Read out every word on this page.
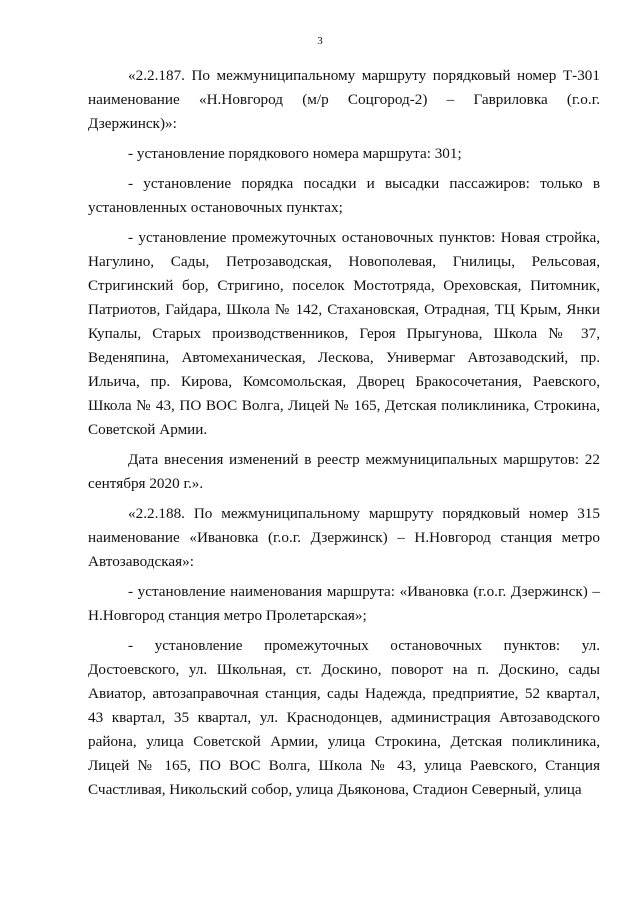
3

«2.2.187. По межмуниципальному маршруту порядковый номер Т-301 наименование «Н.Новгород (м/р Соцгород-2) – Гавриловка (г.о.г. Дзержинск)»:

- установление порядкового номера маршрута: 301;

- установление порядка посадки и высадки пассажиров: только в установленных остановочных пунктах;

- установление промежуточных остановочных пунктов: Новая стройка, Нагулино, Сады, Петрозаводская, Новополевая, Гнилицы, Рельсовая, Стригинский бор, Стригино, поселок Мостотряда, Ореховская, Питомник, Патриотов, Гайдара, Школа № 142, Стахановская, Отрадная, ТЦ Крым, Янки Купалы, Старых производственников, Героя Прыгунова, Школа № 37, Веденяпина, Автомеханическая, Лескова, Универмаг Автозаводский, пр. Ильича, пр. Кирова, Комсомольская, Дворец Бракосочетания, Раевского, Школа № 43, ПО ВОС Волга, Лицей № 165, Детская поликлиника, Строкина, Советской Армии.

Дата внесения изменений в реестр межмуниципальных маршрутов: 22 сентября 2020 г.».

«2.2.188. По межмуниципальному маршруту порядковый номер 315 наименование «Ивановка (г.о.г. Дзержинск) – Н.Новгород станция метро Автозаводская»:

- установление наименования маршрута: «Ивановка (г.о.г. Дзержинск) – Н.Новгород станция метро Пролетарская»;

- установление промежуточных остановочных пунктов: ул. Достоевского, ул. Школьная, ст. Доскино, поворот на п. Доскино, сады Авиатор, автозаправочная станция, сады Надежда, предприятие, 52 квартал, 43 квартал, 35 квартал, ул. Краснодонцев, администрация Автозаводского района, улица Советской Армии, улица Строкина, Детская поликлиника, Лицей № 165, ПО ВОС Волга, Школа № 43, улица Раевского, Станция Счастливая, Никольский собор, улица Дьяконова, Стадион Северный, улица
